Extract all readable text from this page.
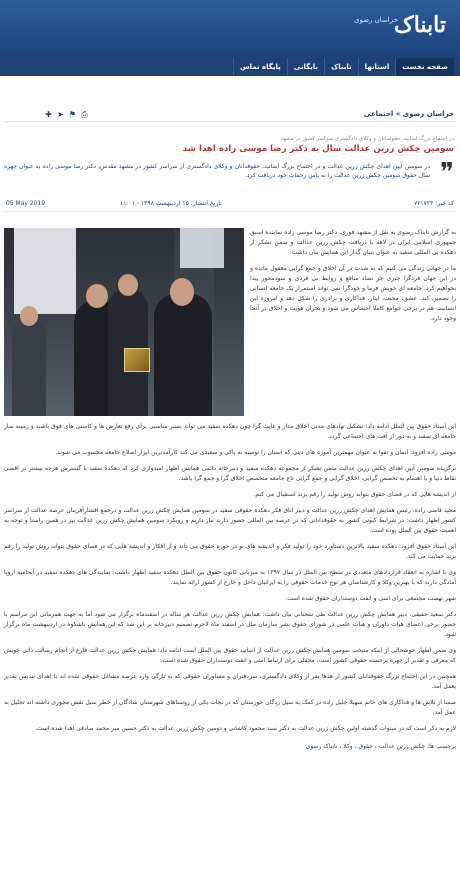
تابناک
خراسان رضوی
صفحه نخست
استانها
تابناک
بایگانی
پایگاه تماس
خراسان رضوی » اجتماعی
⎙
⚑
➤
✚
در اجتماع بزرگ اساتید، حقوقدانان و وکلای دادگستری سراسر کشور در مشهد
سومین چکش زرین عدالت سال به دکتر رضا موسی زاده اهدا شد
❞
در سومین آیین اهدای چکش زرین عدالت و در اجتماع بزرگ اساتید، حقوقدانان و وکلای دادگستری از سراسر کشور در مشهد مقدس، دکتر رضا موسی زاده به عنوان چهره سال حقوق سومین چکش زرین عدالت را به پاس زحمات خود دریافت کرد.
کد خبر: ۷۲۱۷۲۳
تاریخ انتشار: ۱۵ اردیبهشت ۱۳۹۸ - ۱۱:۰۱
05 May 2019

به گزارش تابناک رضوی به نقل از مشهد فوری، دکتر رضا موسی زاده نماینده اسبق جمهوری اسلامی ایران در لاهه با دریافت چکش زرین عدالت و ضمن تشکر از دهکده بی المللی سفید به عنوان بنیان گذار این همایش بیان داشت:

ما در جهانی زندگی می کنیم که به شدت در آن اخلاق و جمع گرایی مغفول مانده و در این جهان فردگرا چیزی جز تضاد منافع و روابط بی فردی و سودمحور پیدا نخواهیم کرد. جامعه ای خویش فرما و خودگرا نمی تواند استمرار یک جامعه انسانی را تضمین کند. عشق، محبت، ایثار، فداکاری و برادری را شکل دهد و امروزه این انسانیت هم در برخی جوامع کاملا احساس می شود و بحران هویت و اخلاق در آنجا وجود دارد.

این استاد حقوق بین الملل ادامه داد: تشکیل نهادهای مدنی اخلاق مدار و غایت گرا چون دهکده سفید می تواند بستر مناسبی برای رفع تعارض ها و کاستی های فوق باشند و زمینه ساز جامعه ای سفید و به دور از آفت های اجتماعی گردد.

موسی زاده افزود: ایمان و تقوا به عنوان مهمترین آموزه های دینی که انسان را توصیه به پاکی و سفیدی می کند کارآمدترین ابزار اصلاح جامعه محسوب می شوند.

برگزیده سومین آیین اهدای چکش زرین عدالت ضمن تشکر از مجموعه دهکده سفید و دبیرخانه دائمی همایش اظهار امیدواری کرد که دهکده سفید با گسترش هرچه بیشتر در اقصی نقاط دنیا و با اهتمام به تخصص گرایی، اخلاق گرایی و جمع گرایی تاج جامعه متخصص اخلاق گرا و جمع گرا باشد.

از اندیشه هایی که در فضای حقوق بتواند روش تولید را رقم بزند استقبال می کنم.

مجید قاضی زاده، رئیس همایش اهدای چکش زرین عدالت و دبیر اتاق فکر دهکده حقوقی سفید در سومین همایش چکش زرین عدالت و درجمع اقشارآفرینان عرصه عدالت از سراسر کشور اظهار داشت: در شرایط کنونی کشور به حقوقدانانی که در عرصه بین المللی حضور دارند نیاز داریم و رویکرد سومین همایش چکش زرین عدالت نیز در همین راستا و توجه به اهمیت حقوق بین الملل بوده است.

این استاد حقوق افزود: دهکده سفید بالاترین دستاورد خود را تولید فکر و اندیشه های نو در حوزه حقوق می داند و از افکار و اندیشه هایی که در فضای حقوق بتواند روش تولید را رقم بزند حمایت می کند.

وی با اشاره به انعقاد قراردادهای متعددی در سطح بین الملل در سال ۱۳۹۷ به میزبانی کانون حقوق بین الملل دهکده سفید اظهار داشت: نمایندگی های دهکده سفید در آنجامیه اروپا آمادگی دارند که با بهترین وکلا و کارشناسان هر نوع خدمات حقوقی را به ایرانیان داخل و خارج از کشور ارائه نمایند.

شهر نهضت مجتمعی برای اسی و انقت دوستداران حقوق شده است.

دکتر سعید حقیقی، دبیر همایش چکش زرین عدالت طی سخنانی بیان داشت: همایش چکش زرین عدالت هر ساله در اسفندماه برگزار می شود اما به جهت همزمانی این مراسم با حضور برخی اعضای هیات داوران و هیات علمی در شورای حقوق بشر سازمان ملل در اسفند ماه لاجرم تصمیم دبیرخانه بر این شد که این همایش باشکوه در اردیبهشت ماه برگزار شود.

وی ضمن اظهار خوشحالی از اینکه منتخب سومین همایش چکش زرین عدالت از اساتید حقوق بین الملل است ادامه داد: همایش چکش زرین عدالت فارغ از انجام رسالت ذاتی خویش که معرفی و تقدیر از چهره برجسته حقوقی کشور است، محفلی برای ارتباط اسی و انقت دوستداران حقوق شده است.

همچنین در این اجتماع بزرگ حقوقدانان کشور از هدها نفر از وکلای دادگستری، سردفتران و مشاوران حقوقی که به تازگی وارد عرصه مشاغل حقوقی شده اند با اهدای تندیس تقدیر بعمل آمد.

ضمنا از تلاش ها و فداکاری های خانم سهیلا جلیل زاده در کمک به سیل زدگان خوزستان که در نجات یکی از روستاهای شهرستان شادگان از خطر سیل نقش محوری داشته اند تجلیل به عمل آمد.

لازم به ذکر است که در سنوات گذشته اولین چکش زرین عدالت به دکتر سید محمود کاشانی و دومین چکش زرین عدالت به دکتر حسین میر محمد صادقی اهدا شده است.

برچسب ها: چکش زرین عدالت ، حقوق ، وکلا ، تابناک رضوی
